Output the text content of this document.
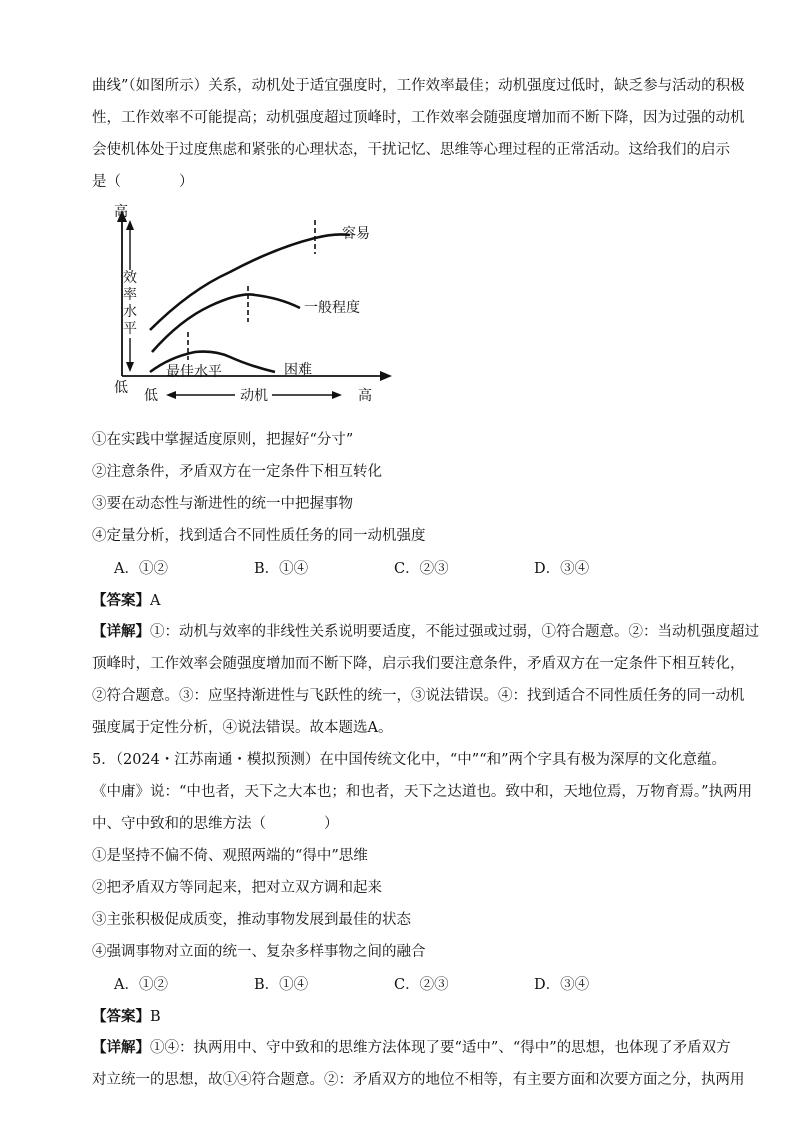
曲线”（如图所示）关系，动机处于适宜强度时，工作效率最佳；动机强度过低时，缺乏参与活动的积极
性，工作效率不可能提高；动机强度超过顶峰时，工作效率会随强度增加而不断下降，因为过强的动机
会使机体处于过度焦虑和紧张的心理状态，干扰记忆、思维等心理过程的正常活动。这给我们的启示
是（　　　　）
高
低
效
率
水
平
低	高
动机
容易
一般程度
困难
最佳水平
①在实践中掌握适度原则，把握好“分寸”
②注意条件，矛盾双方在一定条件下相互转化
③要在动态性与渐进性的统一中把握事物
④定量分析，找到适合不同性质任务的同一动机强度
A．①②	B．①④	C．②③	D．③④
【答案】A
【详解】①：动机与效率的非线性关系说明要适度，不能过强或过弱，①符合题意。②：当动机强度超过
顶峰时，工作效率会随强度增加而不断下降，启示我们要注意条件，矛盾双方在一定条件下相互转化，
②符合题意。③：应坚持渐进性与飞跃性的统一，③说法错误。④：找到适合不同性质任务的同一动机
强度属于定性分析，④说法错误。故本题选A。
5．（2024・江苏南通・模拟预测）在中国传统文化中，“中”“和”两个字具有极为深厚的文化意蕴。
《中庸》说：“中也者，天下之大本也；和也者，天下之达道也。致中和，天地位焉，万物育焉。”执两用
中、守中致和的思维方法（　　　　）
①是坚持不偏不倚、观照两端的“得中”思维
②把矛盾双方等同起来，把对立双方调和起来
③主张积极促成质变，推动事物发展到最佳的状态
④强调事物对立面的统一、复杂多样事物之间的融合
A．①②	B．①④	C．②③	D．③④
【答案】B
【详解】①④：执两用中、守中致和的思维方法体现了要“适中”、“得中”的思想，也体现了矛盾双方
对立统一的思想，故①④符合题意。②：矛盾双方的地位不相等，有主要方面和次要方面之分，执两用
